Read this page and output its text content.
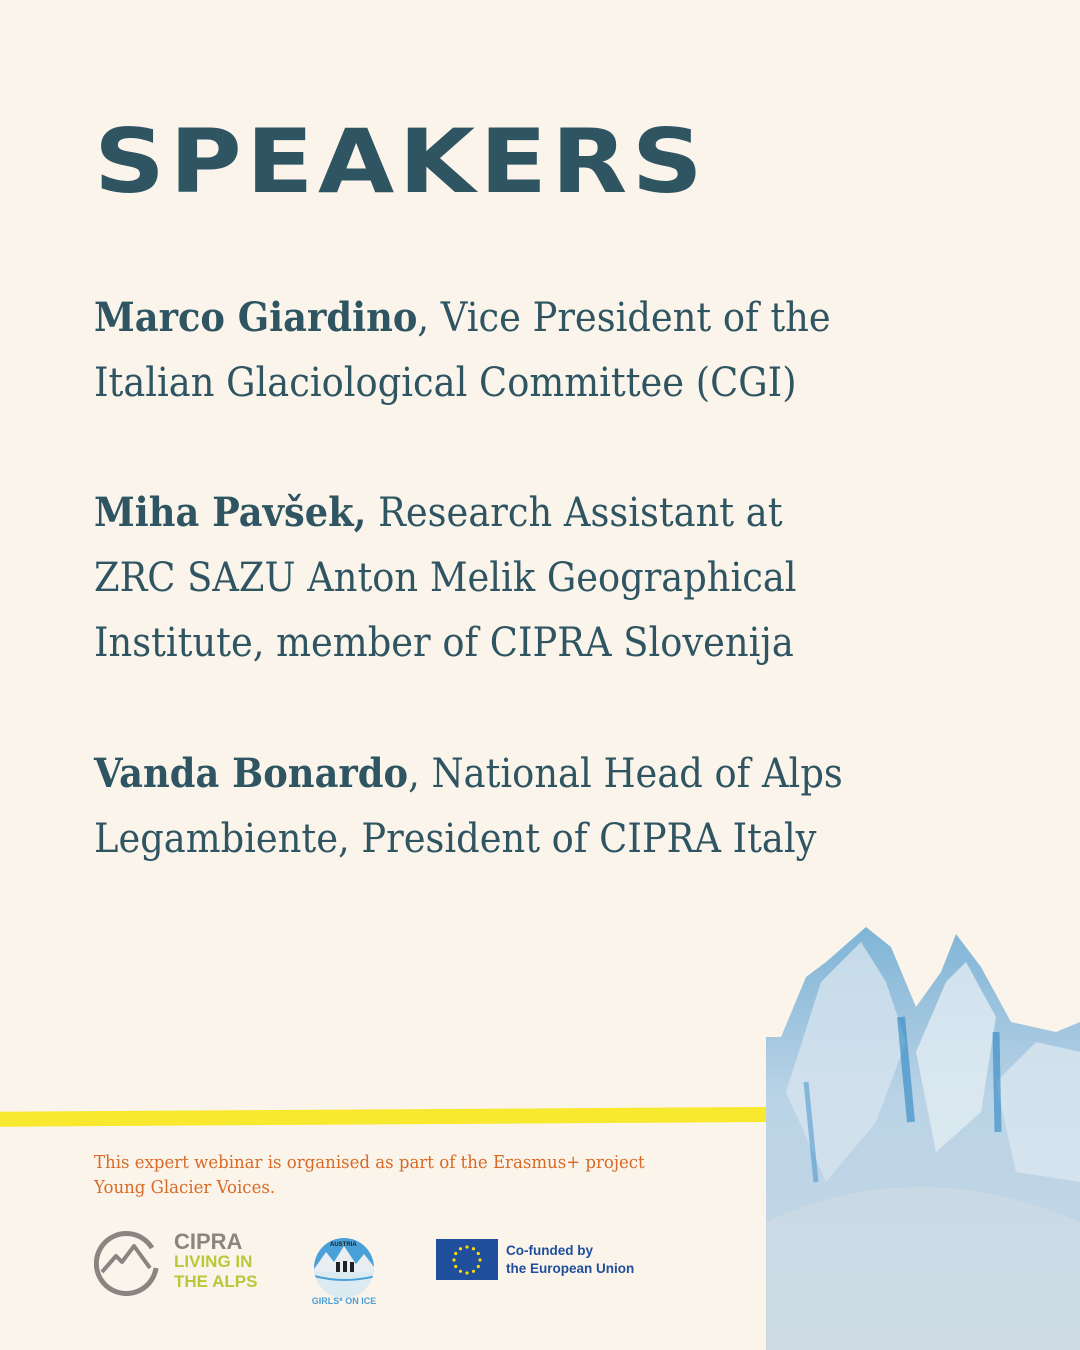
SPEAKERS

Marco Giardino, Vice President of the
Italian Glaciological Committee (CGI)

Miha Pavšek, Research Assistant at
ZRC SAZU Anton Melik Geographical
Institute, member of CIPRA Slovenija

Vanda Bonardo, National Head of Alps
Legambiente, President of CIPRA Italy

This expert webinar is organised as part of the Erasmus+ project
Young Glacier Voices.
CIPRA
LIVING IN
THE ALPS
GIRLS* ON ICE
AUSTRIA	Co-funded by
the European Union
